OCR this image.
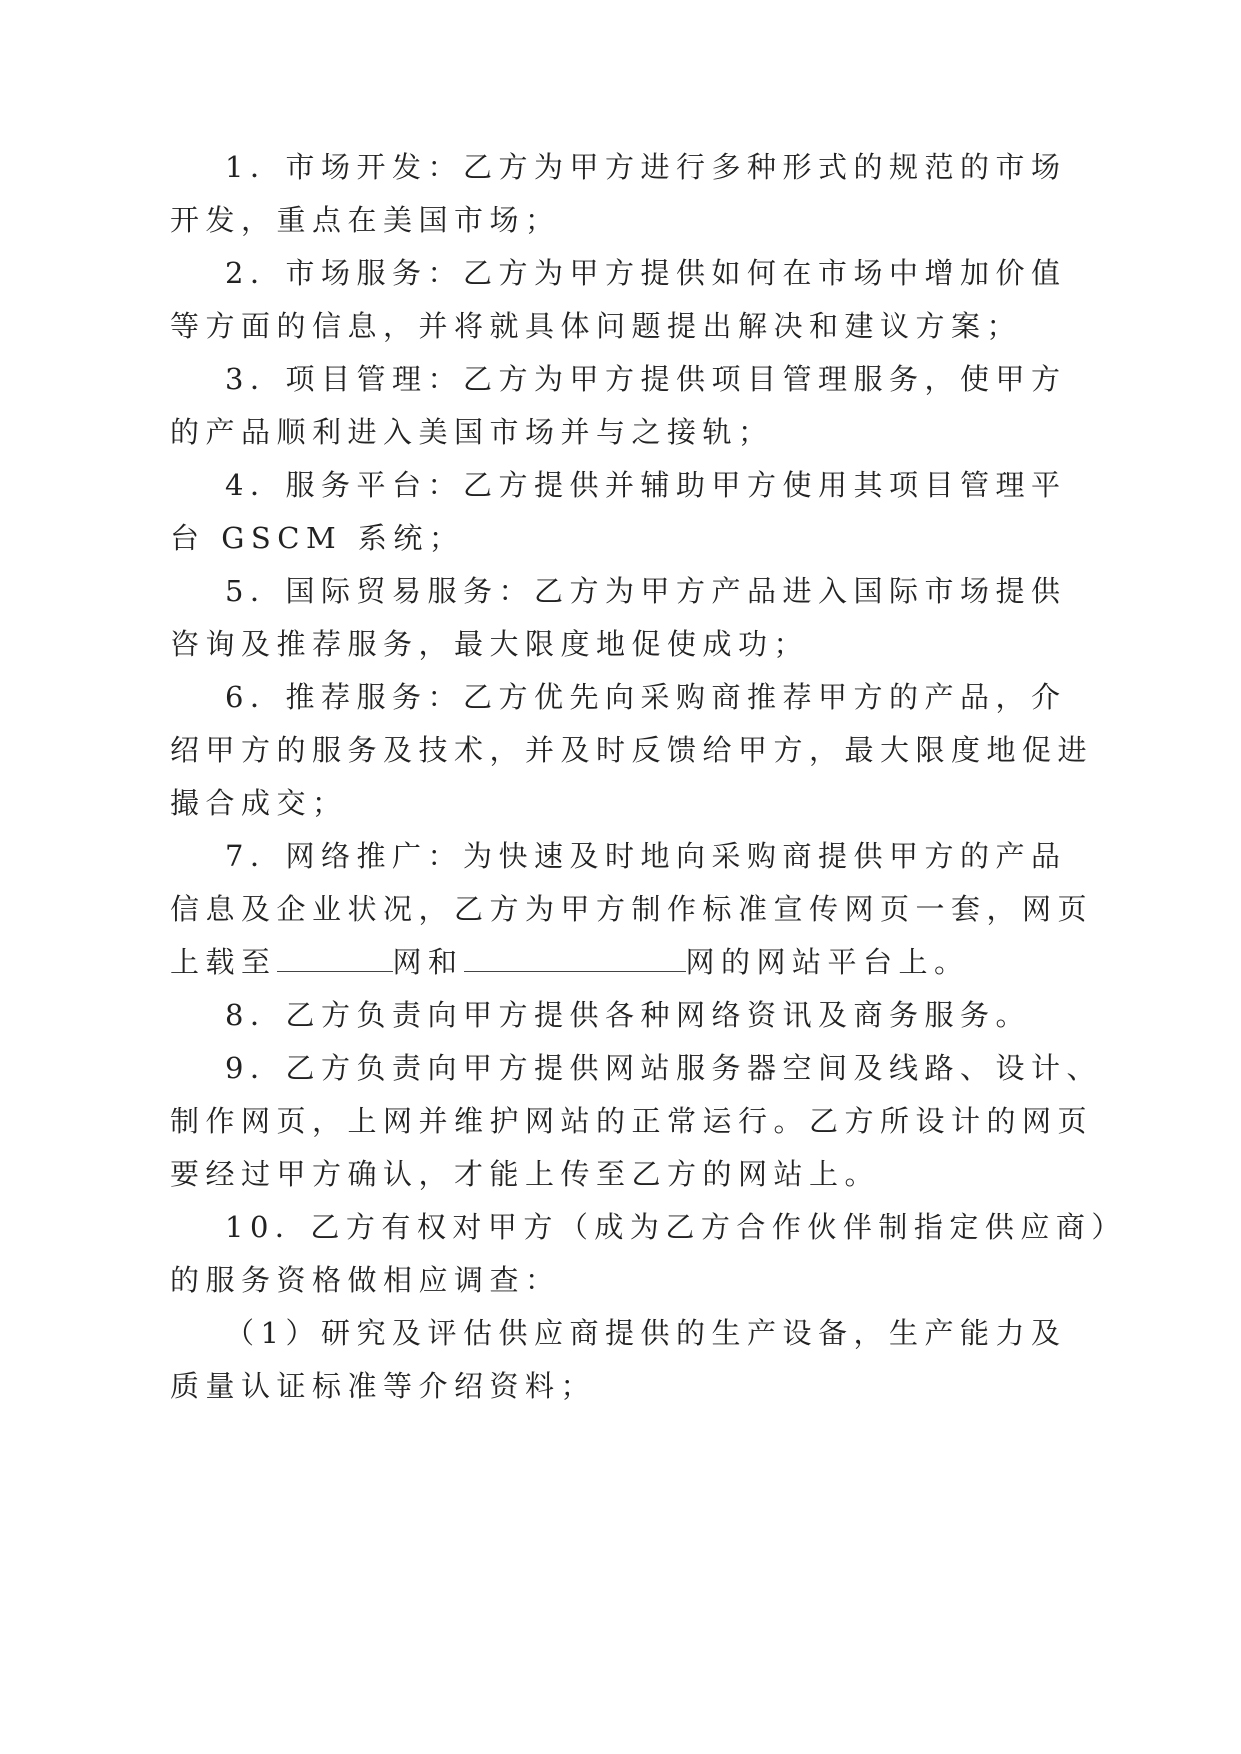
1．市场开发：乙方为甲方进行多种形式的规范的市场
开发，重点在美国市场；
2．市场服务：乙方为甲方提供如何在市场中增加价值
等方面的信息，并将就具体问题提出解决和建议方案；
3．项目管理：乙方为甲方提供项目管理服务，使甲方
的产品顺利进入美国市场并与之接轨；
4．服务平台：乙方提供并辅助甲方使用其项目管理平
台 GSCM 系统；
5．国际贸易服务：乙方为甲方产品进入国际市场提供
咨询及推荐服务，最大限度地促使成功；
6．推荐服务：乙方优先向采购商推荐甲方的产品，介
绍甲方的服务及技术，并及时反馈给甲方，最大限度地促进
撮合成交；
7．网络推广：为快速及时地向采购商提供甲方的产品
信息及企业状况，乙方为甲方制作标准宣传网页一套，网页
上载至	网和	网的网站平台上。
8．乙方负责向甲方提供各种网络资讯及商务服务。
9．乙方负责向甲方提供网站服务器空间及线路、设计、
制作网页，上网并维护网站的正常运行。乙方所设计的网页
要经过甲方确认，才能上传至乙方的网站上。
10．乙方有权对甲方（成为乙方合作伙伴制指定供应商）
的服务资格做相应调查：
（1）研究及评估供应商提供的生产设备，生产能力及
质量认证标准等介绍资料；
